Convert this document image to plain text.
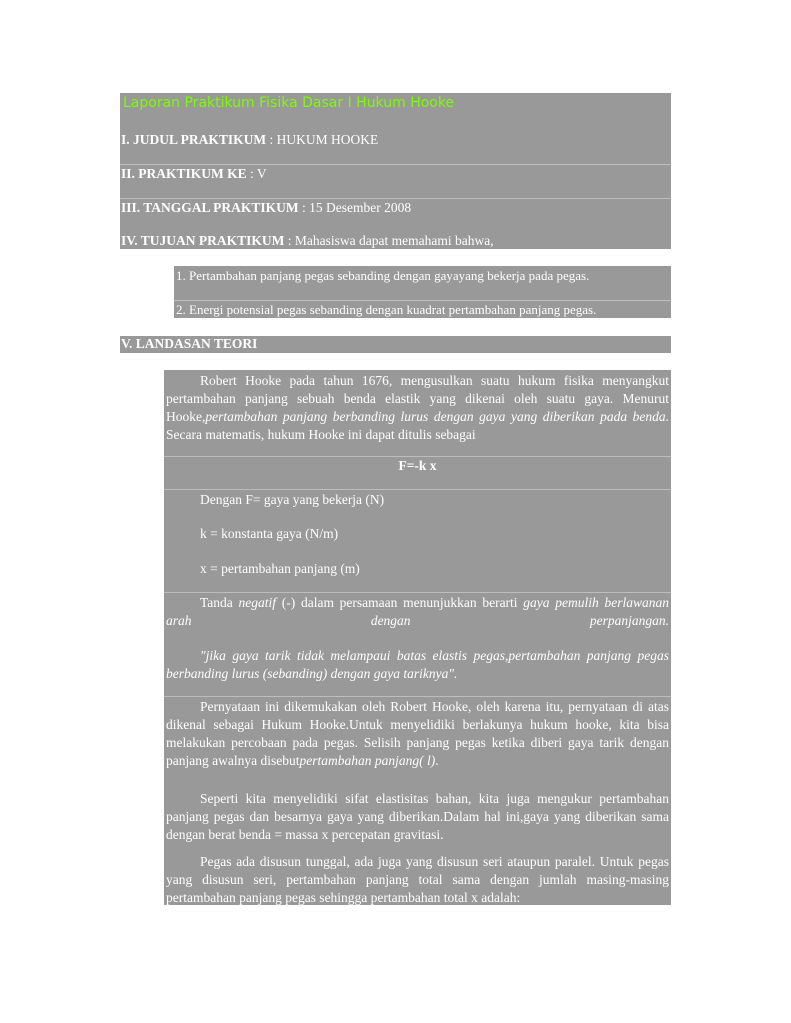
Laporan Praktikum Fisika Dasar I Hukum Hooke
I. JUDUL PRAKTIKUM : HUKUM HOOKE
II. PRAKTIKUM KE : V
III. TANGGAL PRAKTIKUM : 15 Desember 2008
IV. TUJUAN PRAKTIKUM : Mahasiswa dapat memahami bahwa,
1. Pertambahan panjang pegas sebanding dengan gayayang bekerja pada pegas.
2. Energi potensial pegas sebanding dengan kuadrat pertambahan panjang pegas.
V. LANDASAN TEORI
Robert Hooke pada tahun 1676, mengusulkan suatu hukum fisika menyangkut pertambahan panjang sebuah benda elastik yang dikenai oleh suatu gaya. Menurut Hooke,pertambahan panjang berbanding lurus dengan gaya yang diberikan pada benda. Secara matematis, hukum Hooke ini dapat ditulis sebagai
F=-k x
Dengan F= gaya yang bekerja (N)
k = konstanta gaya (N/m)
x = pertambahan panjang (m)
Tanda negatif (-) dalam persamaan menunjukkan berarti gaya pemulih berlawanan arah dengan perpanjangan.
"jika gaya tarik tidak melampaui batas elastis pegas,pertambahan panjang pegas berbanding lurus (sebanding) dengan gaya tariknya".
Pernyataan ini dikemukakan oleh Robert Hooke, oleh karena itu, pernyataan di atas dikenal sebagai Hukum Hooke.Untuk menyelidiki berlakunya hukum hooke, kita bisa melakukan percobaan pada pegas. Selisih panjang pegas ketika diberi gaya tarik dengan panjang awalnya disebutpertambahan panjang( l).
Seperti kita menyelidiki sifat elastisitas bahan, kita juga mengukur pertambahan panjang pegas dan besarnya gaya yang diberikan.Dalam hal ini,gaya yang diberikan sama dengan berat benda = massa x percepatan gravitasi.
Pegas ada disusun tunggal, ada juga yang disusun seri ataupun paralel. Untuk pegas yang disusun seri, pertambahan panjang total sama dengan jumlah masing-masing pertambahan panjang pegas sehingga pertambahan total x adalah:
